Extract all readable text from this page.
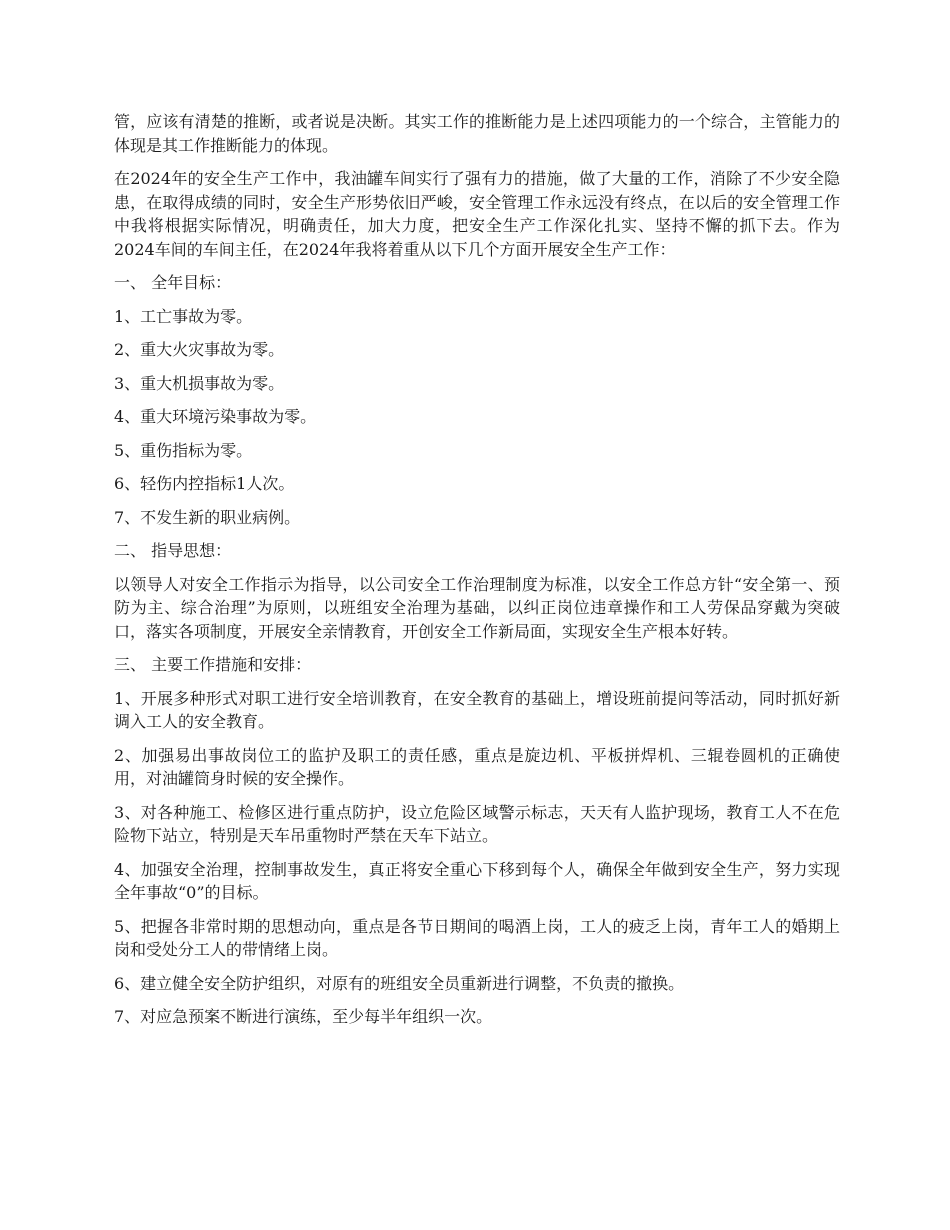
管，应该有清楚的推断，或者说是决断。其实工作的推断能力是上述四项能力的一个综合，主管能力的体现是其工作推断能力的体现。

在2024年的安全生产工作中，我油罐车间实行了强有力的措施，做了大量的工作，消除了不少安全隐患，在取得成绩的同时，安全生产形势依旧严峻，安全管理工作永远没有终点，在以后的安全管理工作中我将根据实际情况，明确责任，加大力度，把安全生产工作深化扎实、坚持不懈的抓下去。作为2024车间的车间主任，在2024年我将着重从以下几个方面开展安全生产工作：

一、 全年目标：

1、工亡事故为零。

2、重大火灾事故为零。

3、重大机损事故为零。

4、重大环境污染事故为零。

5、重伤指标为零。

6、轻伤内控指标1人次。

7、不发生新的职业病例。

二、 指导思想：

以领导人对安全工作指示为指导，以公司安全工作治理制度为标准，以安全工作总方针“安全第一、预防为主、综合治理”为原则，以班组安全治理为基础，以纠正岗位违章操作和工人劳保品穿戴为突破口，落实各项制度，开展安全亲情教育，开创安全工作新局面，实现安全生产根本好转。

三、 主要工作措施和安排：

1、开展多种形式对职工进行安全培训教育，在安全教育的基础上，增设班前提问等活动，同时抓好新调入工人的安全教育。

2、加强易出事故岗位工的监护及职工的责任感，重点是旋边机、平板拼焊机、三辊卷圆机的正确使用，对油罐筒身时候的安全操作。

3、对各种施工、检修区进行重点防护，设立危险区域警示标志，天天有人监护现场，教育工人不在危险物下站立，特别是天车吊重物时严禁在天车下站立。

4、加强安全治理，控制事故发生，真正将安全重心下移到每个人，确保全年做到安全生产，努力实现全年事故“0”的目标。

5、把握各非常时期的思想动向，重点是各节日期间的喝酒上岗，工人的疲乏上岗，青年工人的婚期上岗和受处分工人的带情绪上岗。

6、建立健全安全防护组织，对原有的班组安全员重新进行调整，不负责的撤换。

7、对应急预案不断进行演练，至少每半年组织一次。
